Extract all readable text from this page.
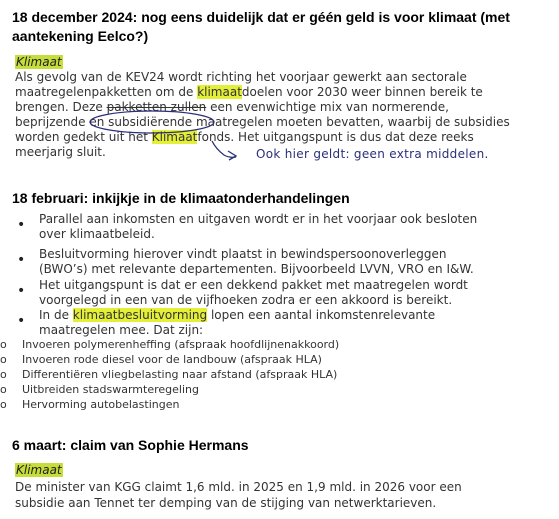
18 december 2024: nog eens duidelijk dat er géén geld is voor klimaat (met
aantekening Eelco?)
Klimaat
Als gevolg van de KEV24 wordt richting het voorjaar gewerkt aan sectorale
maatregelenpakketten om de klimaatdoelen voor 2030 weer binnen bereik te
brengen. Deze pakketten zullen een evenwichtige mix van normerende,
beprijzende en subsidiërende maatregelen moeten bevatten, waarbij de subsidies
worden gedekt uit het Klimaatfonds. Het uitgangspunt is dus dat deze reeks
meerjarig sluit.	Ook hier geldt: geen extra middelen.
18 februari: inkijkje in de klimaatonderhandelingen
•
Parallel aan inkomsten en uitgaven wordt er in het voorjaar ook besloten
over klimaatbeleid.
•
Besluitvorming hierover vindt plaatst in bewindspersoonoverleggen
(BWO’s) met relevante departementen. Bijvoorbeeld LVVN, VRO en I&W.
•
Het uitgangspunt is dat er een dekkend pakket met maatregelen wordt
voorgelegd in een van de vijfhoeken zodra er een akkoord is bereikt.
•
In de klimaatbesluitvorming lopen een aantal inkomstenrelevante
maatregelen mee. Dat zijn:
o Invoeren polymerenheffing (afspraak hoofdlijnenakkoord)
o Invoeren rode diesel voor de landbouw (afspraak HLA)
o Differentiëren vliegbelasting naar afstand (afspraak HLA)
o Uitbreiden stadswarmteregeling
o Hervorming autobelastingen
6 maart: claim van Sophie Hermans
Klimaat
De minister van KGG claimt 1,6 mld. in 2025 en 1,9 mld. in 2026 voor een
subsidie aan Tennet ter demping van de stijging van netwerktarieven.
